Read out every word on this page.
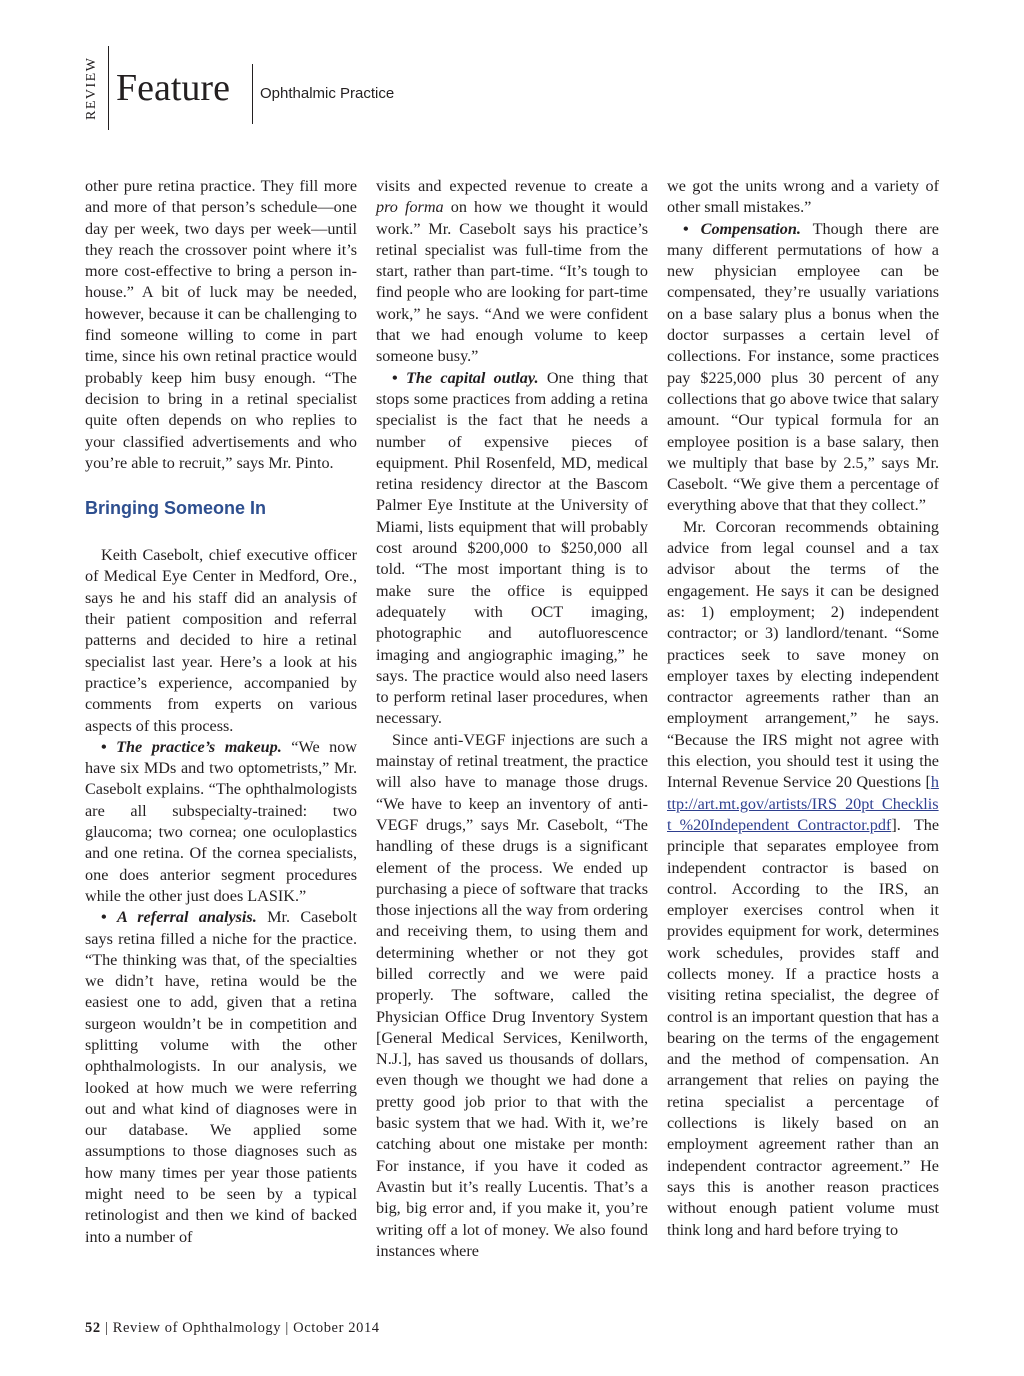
REVIEW Feature Ophthalmic Practice

other pure retina practice. They fill more and more of that person’s schedule—one day per week, two days per week—until they reach the crossover point where it’s more cost-effective to bring a person in-house.” A bit of luck may be needed, however, because it can be challenging to find someone willing to come in part time, since his own retinal practice would probably keep him busy enough. “The decision to bring in a retinal specialist quite often depends on who replies to your classified advertisements and who you’re able to recruit,” says Mr. Pinto.

Bringing Someone In

Keith Casebolt, chief executive officer of Medical Eye Center in Medford, Ore., says he and his staff did an analysis of their patient composition and referral patterns and decided to hire a retinal specialist last year. Here’s a look at his practice’s experience, accompanied by comments from experts on various aspects of this process.

• The practice’s makeup. “We now have six MDs and two optometrists,” Mr. Casebolt explains. “The ophthalmologists are all subspecialty-trained: two glaucoma; two cornea; one oculoplastics and one retina. Of the cornea specialists, one does anterior segment procedures while the other just does LASIK.”

• A referral analysis. Mr. Casebolt says retina filled a niche for the practice. “The thinking was that, of the specialties we didn’t have, retina would be the easiest one to add, given that a retina surgeon wouldn’t be in competition and splitting volume with the other ophthalmologists. In our analysis, we looked at how much we were referring out and what kind of diagnoses were in our database. We applied some assumptions to those diagnoses such as how many times per year those patients might need to be seen by a typical retinologist and then we kind of backed into a number of

visits and expected revenue to create a pro forma on how we thought it would work.” Mr. Casebolt says his practice’s retinal specialist was full-time from the start, rather than part-time. “It’s tough to find people who are looking for part-time work,” he says. “And we were confident that we had enough volume to keep someone busy.”

• The capital outlay. One thing that stops some practices from adding a retina specialist is the fact that he needs a number of expensive pieces of equipment. Phil Rosenfeld, MD, medical retina residency director at the Bascom Palmer Eye Institute at the University of Miami, lists equipment that will probably cost around $200,000 to $250,000 all told. “The most important thing is to make sure the office is equipped adequately with OCT imaging, photographic and autofluorescence imaging and angiographic imaging,” he says. The practice would also need lasers to perform retinal laser procedures, when necessary.

Since anti-VEGF injections are such a mainstay of retinal treatment, the practice will also have to manage those drugs. “We have to keep an inventory of anti-VEGF drugs,” says Mr. Casebolt, “The handling of these drugs is a significant element of the process. We ended up purchasing a piece of software that tracks those injections all the way from ordering and receiving them, to using them and determining whether or not they got billed correctly and we were paid properly. The software, called the Physician Office Drug Inventory System [General Medical Services, Kenilworth, N.J.], has saved us thousands of dollars, even though we thought we had done a pretty good job prior to that with the basic system that we had. With it, we’re catching about one mistake per month: For instance, if you have it coded as Avastin but it’s really Lucentis. That’s a big, big error and, if you make it, you’re writing off a lot of money. We also found instances where

we got the units wrong and a variety of other small mistakes.”

• Compensation. Though there are many different permutations of how a new physician employee can be compensated, they’re usually variations on a base salary plus a bonus when the doctor surpasses a certain level of collections. For instance, some practices pay $225,000 plus 30 percent of any collections that go above twice that salary amount. “Our typical formula for an employee position is a base salary, then we multiply that base by 2.5,” says Mr. Casebolt. “We give them a percentage of everything above that that they collect.”

Mr. Corcoran recommends obtaining advice from legal counsel and a tax advisor about the terms of the engagement. He says it can be designed as: 1) employment; 2) independent contractor; or 3) landlord/tenant. “Some practices seek to save money on employer taxes by electing independent contractor agreements rather than an employment arrangement,” he says. “Because the IRS might not agree with this election, you should test it using the Internal Revenue Service 20 Questions [http://art.mt.gov/artists/IRS_20pt_Checklist_%20Independent_Contractor.pdf]. The principle that separates employee from independent contractor is based on control. According to the IRS, an employer exercises control when it provides equipment for work, determines work schedules, provides staff and collects money. If a practice hosts a visiting retina specialist, the degree of control is an important question that has a bearing on the terms of the engagement and the method of compensation. An arrangement that relies on paying the retina specialist a percentage of collections is likely based on an employment agreement rather than an independent contractor agreement.” He says this is another reason practices without enough patient volume must think long and hard before trying to

52 | Review of Ophthalmology | October 2014
